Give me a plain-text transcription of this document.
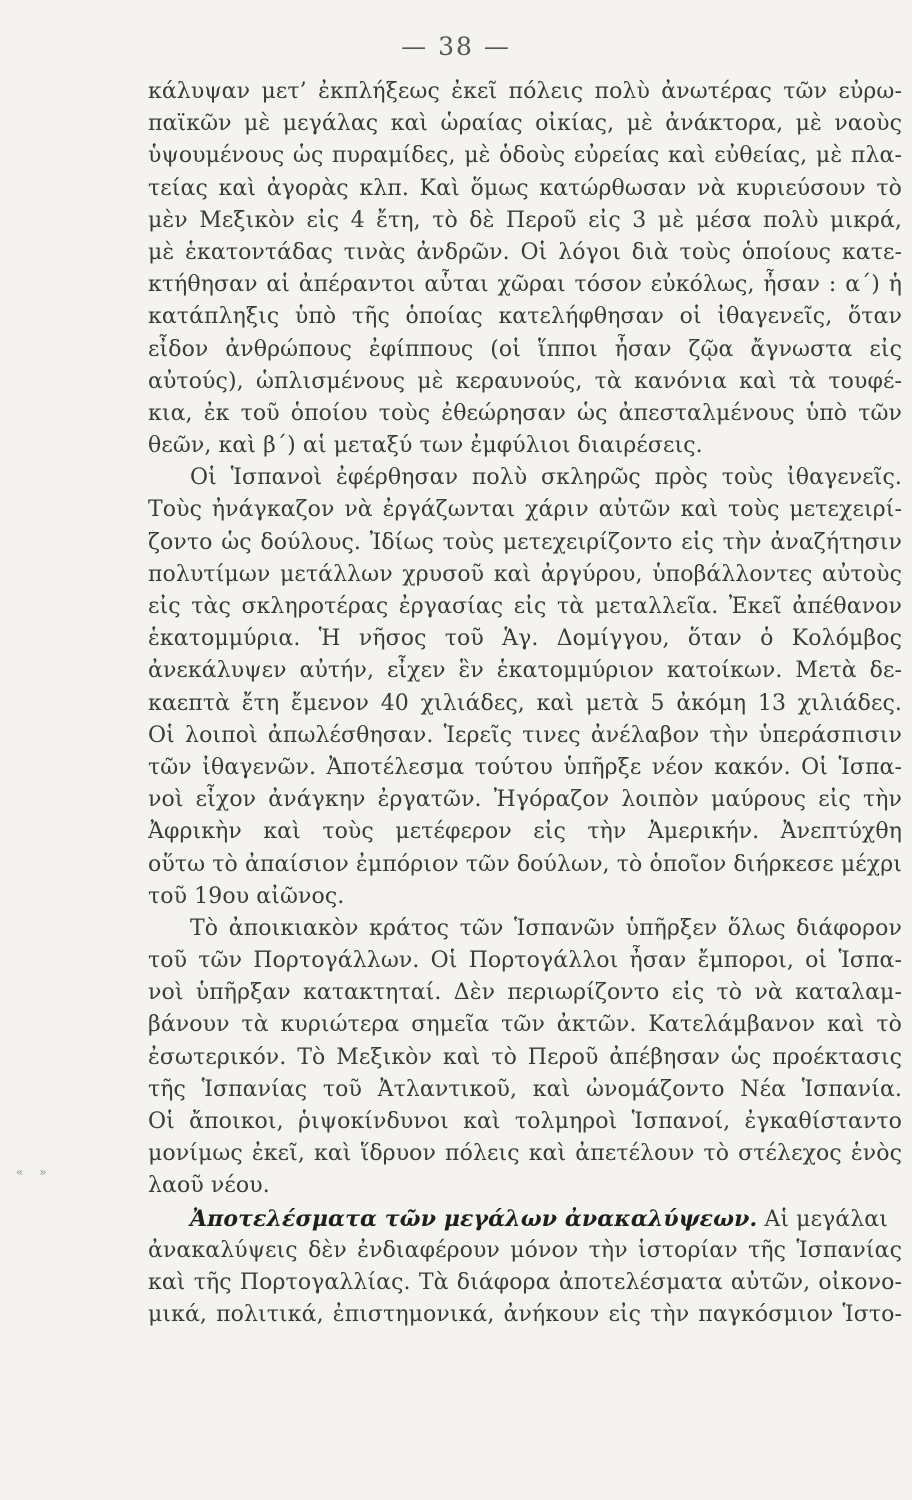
— 38 —
κάλυψαν μετ’ ἐκπλήξεως ἐκεῖ πόλεις πολὺ ἀνωτέρας τῶν εὐρω-
παϊκῶν μὲ μεγάλας καὶ ὡραίας οἰκίας, μὲ ἀνάκτορα, μὲ ναοὺς
ὑψουμένους ὡς πυραμίδες, μὲ ὁδοὺς εὐρείας καὶ εὐθείας, μὲ πλα-
τείας καὶ ἀγορὰς κλπ. Καὶ ὅμως κατώρθωσαν νὰ κυριεύσουν τὸ
μὲν Μεξικὸν εἰς 4 ἔτη, τὸ δὲ Περοῦ εἰς 3 μὲ μέσα πολὺ μικρά,
μὲ ἑκατοντάδας τινὰς ἀνδρῶν. Οἱ λόγοι διὰ τοὺς ὁποίους κατε-
κτήθησαν αἱ ἀπέραντοι αὗται χῶραι τόσον εὐκόλως, ἦσαν : α΄) ἡ
κατάπληξις ὑπὸ τῆς ὁποίας κατελήφθησαν οἱ ἰθαγενεῖς, ὅταν
εἶδον ἀνθρώπους ἐφίππους (οἱ ἵπποι ἦσαν ζῷα ἄγνωστα εἰς
αὐτούς), ὡπλισμένους μὲ κεραυνούς, τὰ κανόνια καὶ τὰ τουφέ-
κια, ἐκ τοῦ ὁποίου τοὺς ἐθεώρησαν ὡς ἀπεσταλμένους ὑπὸ τῶν
θεῶν, καὶ β΄) αἱ μεταξύ των ἐμφύλιοι διαιρέσεις.
Οἱ Ἱσπανοὶ ἐφέρθησαν πολὺ σκληρῶς πρὸς τοὺς ἰθαγενεῖς.
Τοὺς ἠνάγκαζον νὰ ἐργάζωνται χάριν αὐτῶν καὶ τοὺς μετεχειρί-
ζοντο ὡς δούλους. Ἰδίως τοὺς μετεχειρίζοντο εἰς τὴν ἀναζήτησιν
πολυτίμων μετάλλων χρυσοῦ καὶ ἀργύρου, ὑποβάλλοντες αὐτοὺς
εἰς τὰς σκληροτέρας ἐργασίας εἰς τὰ μεταλλεῖα. Ἐκεῖ ἀπέθανον
ἑκατομμύρια. Ἡ νῆσος τοῦ Ἁγ. Δομίγγου, ὅταν ὁ Κολόμβος
ἀνεκάλυψεν αὐτήν, εἶχεν ἓν ἑκατομμύριον κατοίκων. Μετὰ δε-
καεπτὰ ἔτη ἔμενον 40 χιλιάδες, καὶ μετὰ 5 ἀκόμη 13 χιλιάδες.
Οἱ λοιποὶ ἀπωλέσθησαν. Ἱερεῖς τινες ἀνέλαβον τὴν ὑπεράσπισιν
τῶν ἰθαγενῶν. Ἀποτέλεσμα τούτου ὑπῆρξε νέον κακόν. Οἱ Ἱσπα-
νοὶ εἶχον ἀνάγκην ἐργατῶν. Ἠγόραζον λοιπὸν μαύρους εἰς τὴν
Ἀφρικὴν καὶ τοὺς μετέφερον εἰς τὴν Ἀμερικήν. Ἀνεπτύχθη
οὕτω τὸ ἀπαίσιον ἐμπόριον τῶν δούλων, τὸ ὁποῖον διήρκεσε μέχρι
τοῦ 19ου αἰῶνος.
Τὸ ἀποικιακὸν κράτος τῶν Ἱσπανῶν ὑπῆρξεν ὅλως διάφορον
τοῦ τῶν Πορτογάλλων. Οἱ Πορτογάλλοι ἦσαν ἔμποροι, οἱ Ἱσπα-
νοὶ ὑπῆρξαν κατακτηταί. Δὲν περιωρίζοντο εἰς τὸ νὰ καταλαμ-
βάνουν τὰ κυριώτερα σημεῖα τῶν ἀκτῶν. Κατελάμβανον καὶ τὸ
ἐσωτερικόν. Τὸ Μεξικὸν καὶ τὸ Περοῦ ἀπέβησαν ὡς προέκτασις
τῆς Ἱσπανίας τοῦ Ἀτλαντικοῦ, καὶ ὠνομάζοντο Νέα Ἱσπανία.
Οἱ ἄποικοι, ῥιψοκίνδυνοι καὶ τολμηροὶ Ἱσπανοί, ἐγκαθίσταντο
μονίμως ἐκεῖ, καὶ ἵδρυον πόλεις καὶ ἀπετέλουν τὸ στέλεχος ἑνὸς
λαοῦ νέου.
Ἀποτελέσματα τῶν μεγάλων ἀνακαλύψεων. Αἱ μεγάλαι
ἀνακαλύψεις δὲν ἐνδιαφέρουν μόνον τὴν ἱστορίαν τῆς Ἱσπανίας
καὶ τῆς Πορτογαλλίας. Τὰ διάφορα ἀποτελέσματα αὐτῶν, οἰκονο-
μικά, πολιτικά, ἐπιστημονικά, ἀνήκουν εἰς τὴν παγκόσμιον Ἱστο-
« »
